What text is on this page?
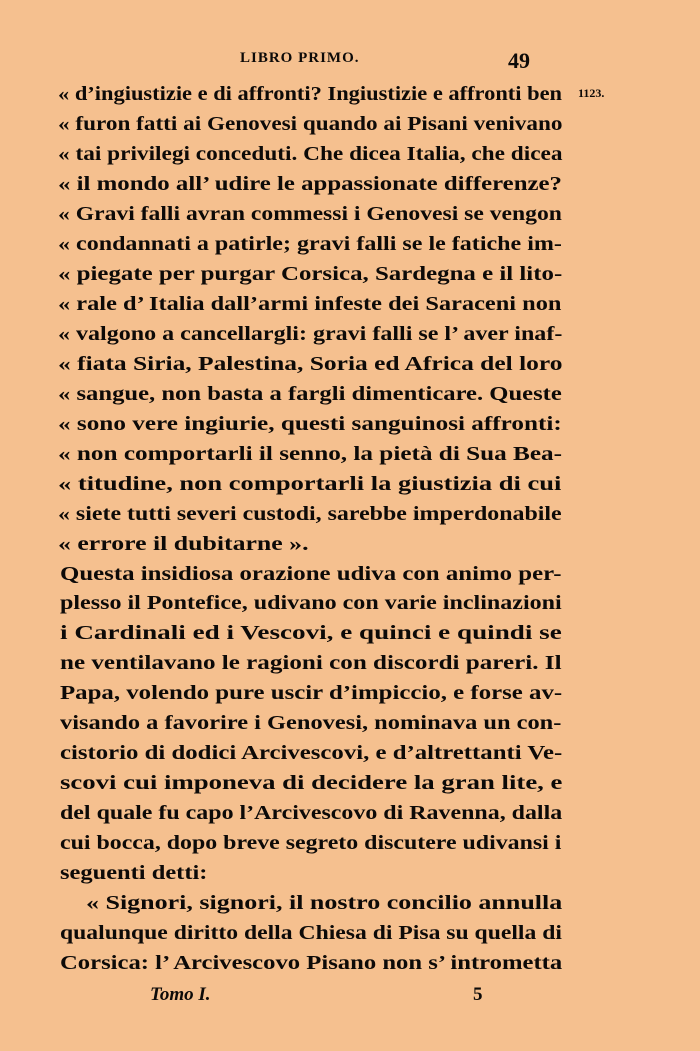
LIBRO PRIMO.	49
1123.
« d’ingiustizie e di affronti? Ingiustizie e affronti ben
« furon fatti ai Genovesi quando ai Pisani venivano
« tai privilegi conceduti. Che dicea Italia, che dicea
« il mondo all’ udire le appassionate differenze?
« Gravi falli avran commessi i Genovesi se vengon
« condannati a patirle; gravi falli se le fatiche im-
« piegate per purgar Corsica, Sardegna e il lito-
« rale d’ Italia dall’armi infeste dei Saraceni non
« valgono a cancellargli: gravi falli se l’ aver inaf-
« fiata Siria, Palestina, Soria ed Africa del loro
« sangue, non basta a fargli dimenticare. Queste
« sono vere ingiurie, questi sanguinosi affronti:
« non comportarli il senno, la pietà di Sua Bea-
« titudine, non comportarli la giustizia di cui
« siete tutti severi custodi, sarebbe imperdonabile
« errore il dubitarne ».
Questa insidiosa orazione udiva con animo per-
plesso il Pontefice, udivano con varie inclinazioni
i Cardinali ed i Vescovi, e quinci e quindi se
ne ventilavano le ragioni con discordi pareri. Il
Papa, volendo pure uscir d’impiccio, e forse av-
visando a favorire i Genovesi, nominava un con-
cistorio di dodici Arcivescovi, e d’altrettanti Ve-
scovi cui imponeva di decidere la gran lite, e
del quale fu capo l’Arcivescovo di Ravenna, dalla
cui bocca, dopo breve segreto discutere udivansi i
seguenti detti:
« Signori, signori, il nostro concilio annulla
qualunque diritto della Chiesa di Pisa su quella di
Corsica: l’ Arcivescovo Pisano non s’ intrometta
Tomo I.	5
